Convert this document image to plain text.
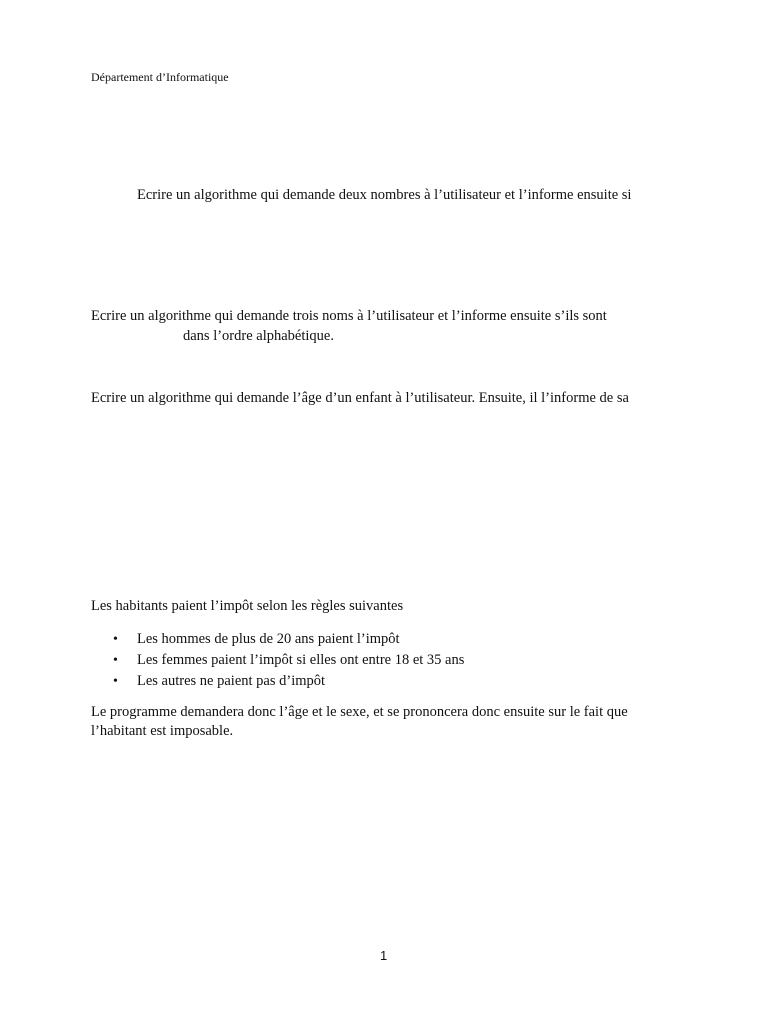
Département d’Informatique

Ecrire un algorithme qui demande deux nombres à l’utilisateur et l’informe ensuite si

Ecrire un algorithme qui demande trois noms à l’utilisateur et l’informe ensuite s’ils sont

dans l’ordre alphabétique.

Ecrire un algorithme qui demande l’âge d’un enfant à l’utilisateur. Ensuite, il l’informe de sa

Les habitants paient l’impôt selon les règles suivantes

• Les hommes de plus de 20 ans paient l’impôt
• Les femmes paient l’impôt si elles ont entre 18 et 35 ans
• Les autres ne paient pas d’impôt

Le programme demandera donc l’âge et le sexe, et se prononcera donc ensuite sur le fait que

l’habitant est imposable.

1
